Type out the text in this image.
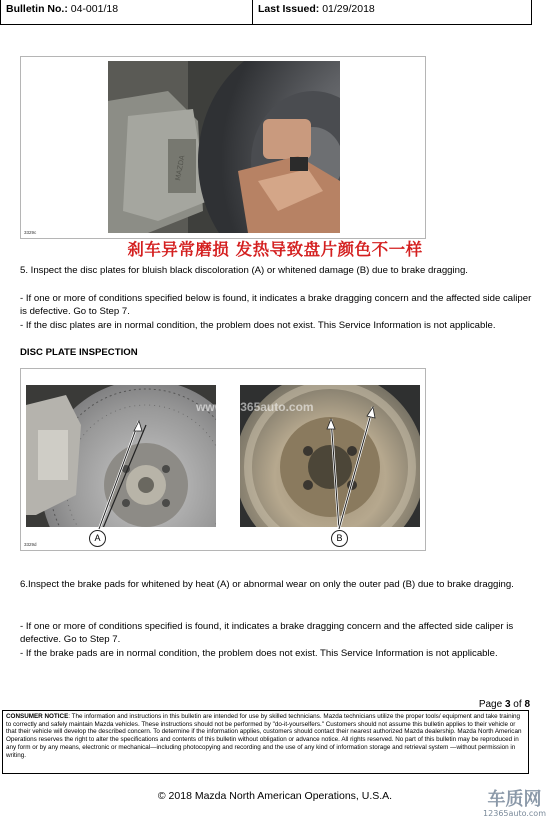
Bulletin No.: 04-001/18	Last Issued: 01/29/2018
MAZDA
3329c
刹车异常磨损 发热导致盘片颜色不一样
5. Inspect the disc plates for bluish black discoloration (A) or whitened damage (B) due to brake dragging.
- If one or more of conditions specified below is found, it indicates a brake dragging concern and the affected side caliper is defective. Go to Step 7.
- If the disc plates are in normal condition, the problem does not exist. This Service Information is not applicable.
DISC PLATE INSPECTION
A	B
www.12365auto.com
3329d
6.Inspect the brake pads for whitened by heat (A) or abnormal wear on only the outer pad (B) due to brake dragging.
- If one or more of conditions specified is found, it indicates a brake dragging concern and the affected side caliper is defective. Go to Step 7.
- If the brake pads are in normal condition, the problem does not exist. This Service Information is not applicable.
Page 3 of 8
CONSUMER NOTICE: The information and instructions in this bulletin are intended for use by skilled technicians. Mazda technicians utilize the proper tools/ equipment and take training to correctly and safely maintain Mazda vehicles. These instructions should not be performed by "do-it-yourselfers." Customers should not assume this bulletin applies to their vehicle or that their vehicle will develop the described concern. To determine if the information applies, customers should contact their nearest authorized Mazda dealership. Mazda North American Operations reserves the right to alter the specifications and contents of this bulletin without obligation or advance notice. All rights reserved. No part of this bulletin may be reproduced in any form or by any means, electronic or mechanical—including photocopying and recording and the use of any kind of information storage and retrieval system —without permission in writing.
© 2018 Mazda North American Operations, U.S.A.	车质网
12365auto.com
